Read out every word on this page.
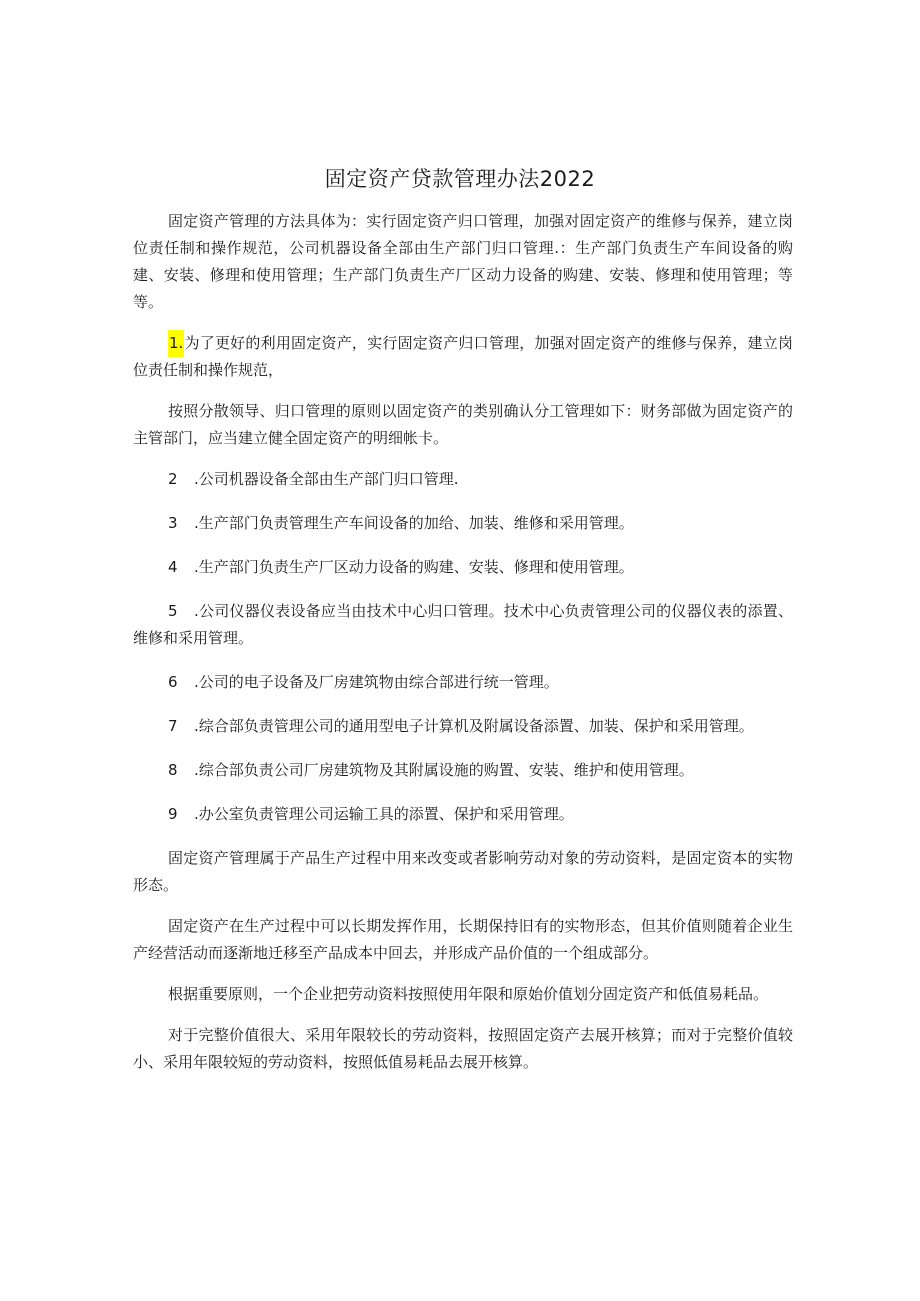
固定资产贷款管理办法2022

固定资产管理的方法具体为：实行固定资产归口管理，加强对固定资产的维修与保养，建立岗位责任制和操作规范，公司机器设备全部由生产部门归口管理.：生产部门负责生产车间设备的购建、安装、修理和使用管理；生产部门负责生产厂区动力设备的购建、安装、修理和使用管理；等等。

1.为了更好的利用固定资产，实行固定资产归口管理，加强对固定资产的维修与保养，建立岗位责任制和操作规范，

按照分散领导、归口管理的原则以固定资产的类别确认分工管理如下：财务部做为固定资产的主管部门，应当建立健全固定资产的明细帐卡。

2 .公司机器设备全部由生产部门归口管理.

3 .生产部门负责管理生产车间设备的加给、加装、维修和采用管理。

4 .生产部门负责生产厂区动力设备的购建、安装、修理和使用管理。

5 .公司仪器仪表设备应当由技术中心归口管理。技术中心负责管理公司的仪器仪表的添置、维修和采用管理。

6 .公司的电子设备及厂房建筑物由综合部进行统一管理。

7 .综合部负责管理公司的通用型电子计算机及附属设备添置、加装、保护和采用管理。

8 .综合部负责公司厂房建筑物及其附属设施的购置、安装、维护和使用管理。

9 .办公室负责管理公司运输工具的添置、保护和采用管理。

固定资产管理属于产品生产过程中用来改变或者影响劳动对象的劳动资料，是固定资本的实物形态。

固定资产在生产过程中可以长期发挥作用，长期保持旧有的实物形态，但其价值则随着企业生产经营活动而逐渐地迁移至产品成本中回去，并形成产品价值的一个组成部分。

根据重要原则，一个企业把劳动资料按照使用年限和原始价值划分固定资产和低值易耗品。

对于完整价值很大、采用年限较长的劳动资料，按照固定资产去展开核算；而对于完整价值较小、采用年限较短的劳动资料，按照低值易耗品去展开核算。
